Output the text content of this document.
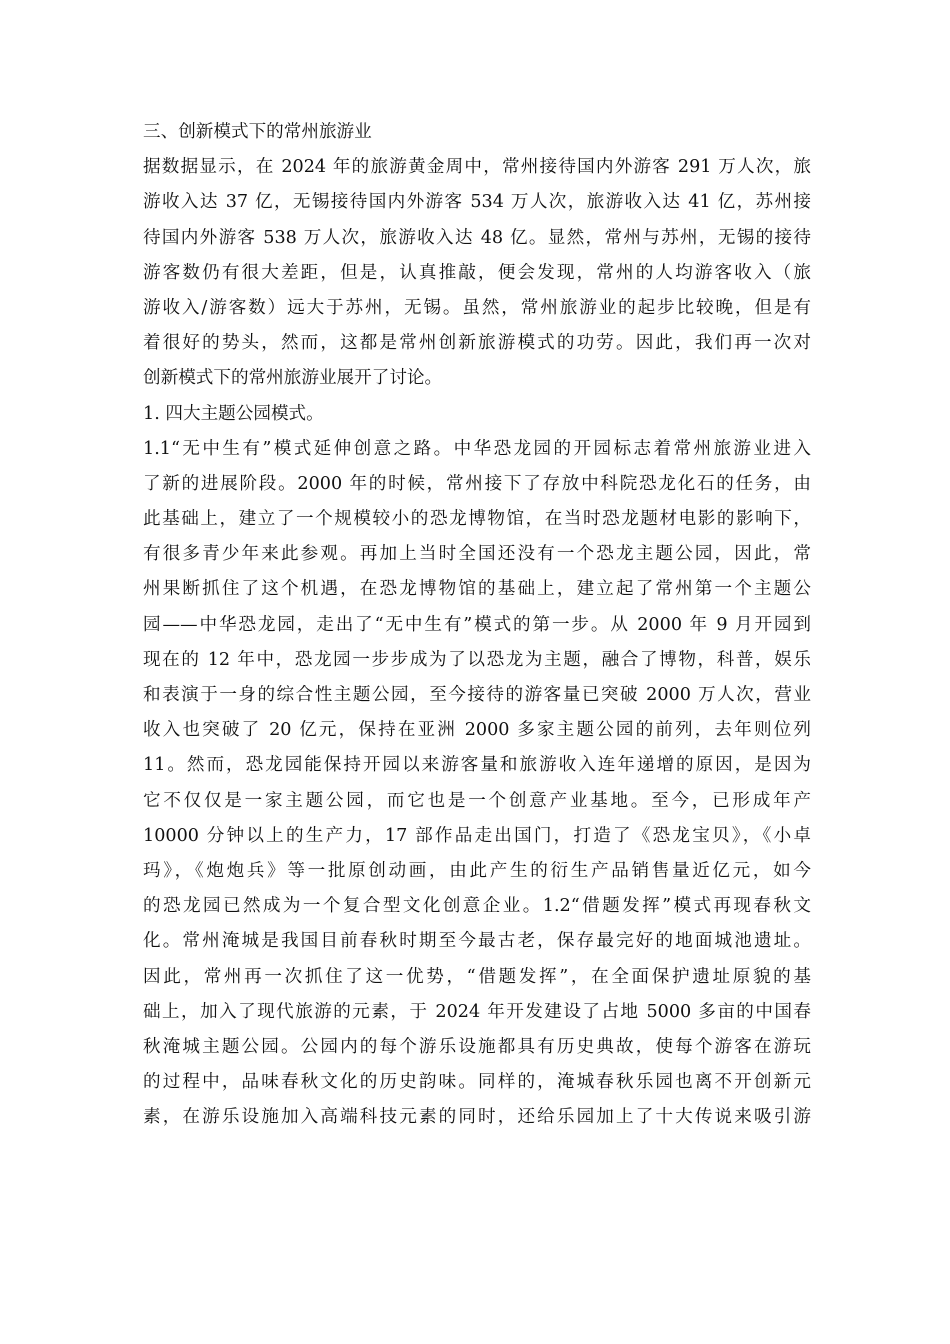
三、创新模式下的常州旅游业
据数据显示，在 2024 年的旅游黄金周中，常州接待国内外游客 291 万人次，旅
游收入达 37 亿，无锡接待国内外游客 534 万人次，旅游收入达 41 亿，苏州接
待国内外游客 538 万人次，旅游收入达 48 亿。显然，常州与苏州，无锡的接待
游客数仍有很大差距，但是，认真推敲，便会发现，常州的人均游客收入（旅
游收入/游客数）远大于苏州，无锡。虽然，常州旅游业的起步比较晚，但是有
着很好的势头，然而，这都是常州创新旅游模式的功劳。因此，我们再一次对
创新模式下的常州旅游业展开了讨论。
1. 四大主题公园模式。
1.1“无中生有”模式延伸创意之路。中华恐龙园的开园标志着常州旅游业进入
了新的进展阶段。2000 年的时候，常州接下了存放中科院恐龙化石的任务，由
此基础上，建立了一个规模较小的恐龙博物馆，在当时恐龙题材电影的影响下，
有很多青少年来此参观。再加上当时全国还没有一个恐龙主题公园，因此，常
州果断抓住了这个机遇，在恐龙博物馆的基础上，建立起了常州第一个主题公
园——中华恐龙园，走出了“无中生有”模式的第一步。从 2000 年 9 月开园到
现在的 12 年中，恐龙园一步步成为了以恐龙为主题，融合了博物，科普，娱乐
和表演于一身的综合性主题公园，至今接待的游客量已突破 2000 万人次，营业
收入也突破了 20 亿元，保持在亚洲 2000 多家主题公园的前列，去年则位列
11。然而，恐龙园能保持开园以来游客量和旅游收入连年递增的原因，是因为
它不仅仅是一家主题公园，而它也是一个创意产业基地。至今，已形成年产
10000 分钟以上的生产力，17 部作品走出国门，打造了《恐龙宝贝》，《小卓
玛》，《炮炮兵》等一批原创动画，由此产生的衍生产品销售量近亿元，如今
的恐龙园已然成为一个复合型文化创意企业。1.2“借题发挥”模式再现春秋文
化。常州淹城是我国目前春秋时期至今最古老，保存最完好的地面城池遗址。
因此，常州再一次抓住了这一优势，“借题发挥”，在全面保护遗址原貌的基
础上，加入了现代旅游的元素，于 2024 年开发建设了占地 5000 多亩的中国春
秋淹城主题公园。公园内的每个游乐设施都具有历史典故，使每个游客在游玩
的过程中，品味春秋文化的历史韵味。同样的，淹城春秋乐园也离不开创新元
素，在游乐设施加入高端科技元素的同时，还给乐园加上了十大传说来吸引游
